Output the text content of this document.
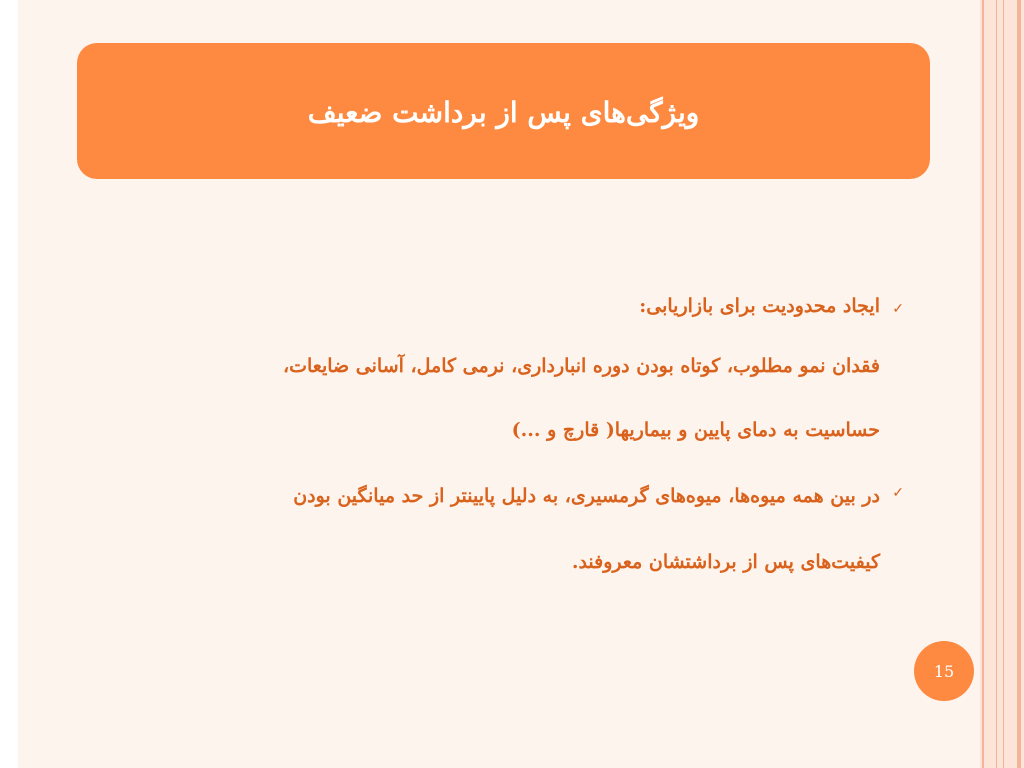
ویژگی‌های پس از برداشت ضعیف
✓
ایجاد محدودیت برای بازاریابی:
فقدان نمو مطلوب، کوتاه بودن دوره انبارداری، نرمی کامل، آسانی ضایعات،
حساسیت به دمای پایین و بیماریها( قارچ و ...)
✓
در بین همه میوه‌ها، میوه‌های گرمسیری، به دلیل پایینتر از حد میانگین بودن
کیفیت‌های پس از برداشتشان معروفند.
15
